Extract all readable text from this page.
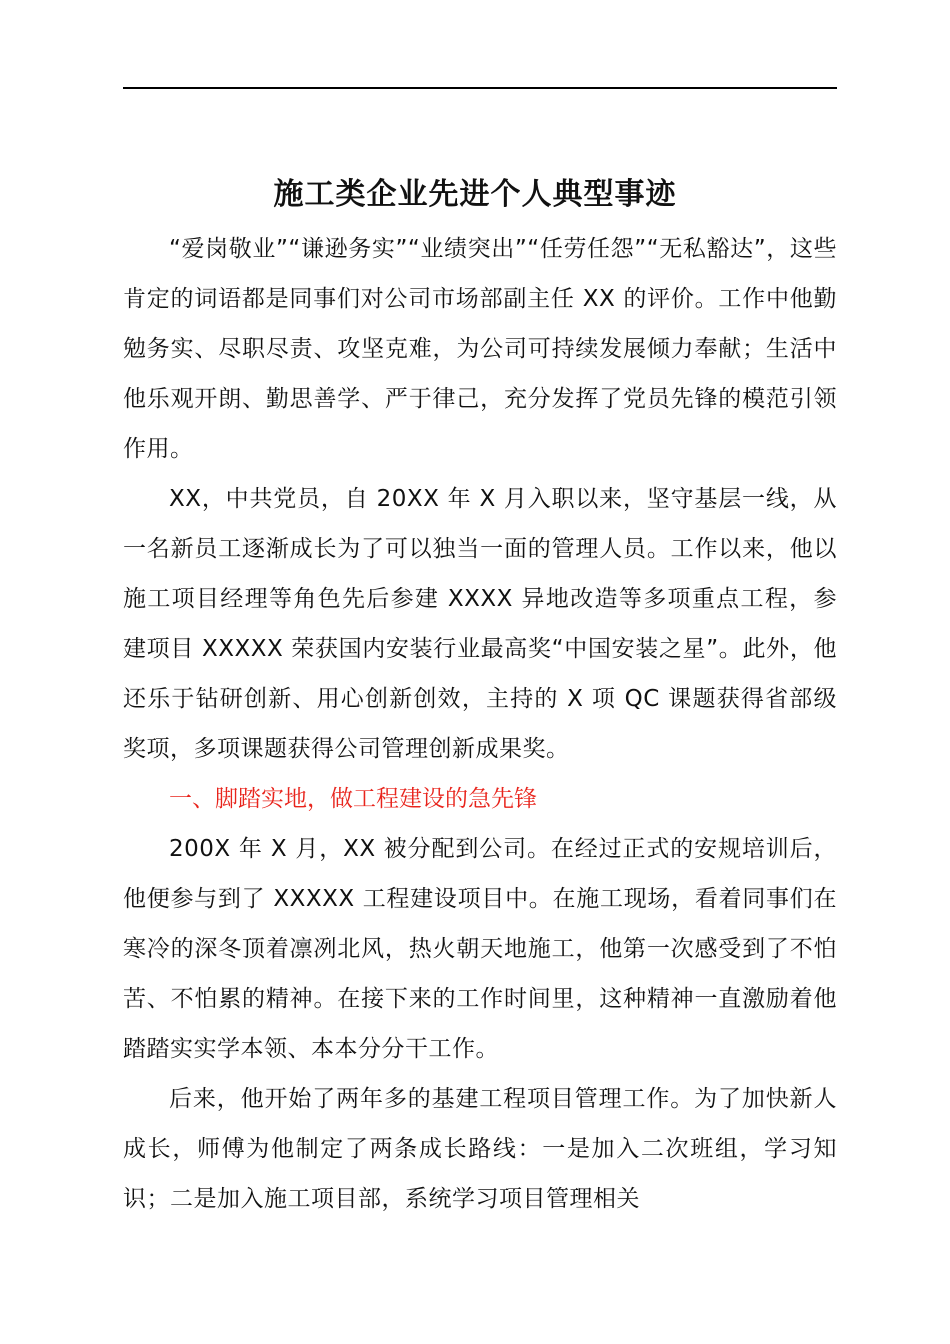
施工类企业先进个人典型事迹

“爱岗敬业”“谦逊务实”“业绩突出”“任劳任怨”“无私豁达”，这些肯定的词语都是同事们对公司市场部副主任 XX 的评价。工作中他勤勉务实、尽职尽责、攻坚克难，为公司可持续发展倾力奉献；生活中他乐观开朗、勤思善学、严于律己，充分发挥了党员先锋的模范引领作用。

XX，中共党员，自 20XX 年 X 月入职以来，坚守基层一线，从一名新员工逐渐成长为了可以独当一面的管理人员。工作以来，他以施工项目经理等角色先后参建 XXXX 异地改造等多项重点工程，参建项目 XXXXX 荣获国内安装行业最高奖“中国安装之星”。此外，他还乐于钻研创新、用心创新创效，主持的 X 项 QC 课题获得省部级奖项，多项课题获得公司管理创新成果奖。

一、脚踏实地，做工程建设的急先锋

200X 年 X 月，XX 被分配到公司。在经过正式的安规培训后，他便参与到了 XXXXX 工程建设项目中。在施工现场，看着同事们在寒冷的深冬顶着凛冽北风，热火朝天地施工，他第一次感受到了不怕苦、不怕累的精神。在接下来的工作时间里，这种精神一直激励着他踏踏实实学本领、本本分分干工作。

后来，他开始了两年多的基建工程项目管理工作。为了加快新人成长，师傅为他制定了两条成长路线：一是加入二次班组，学习知识；二是加入施工项目部，系统学习项目管理相关
